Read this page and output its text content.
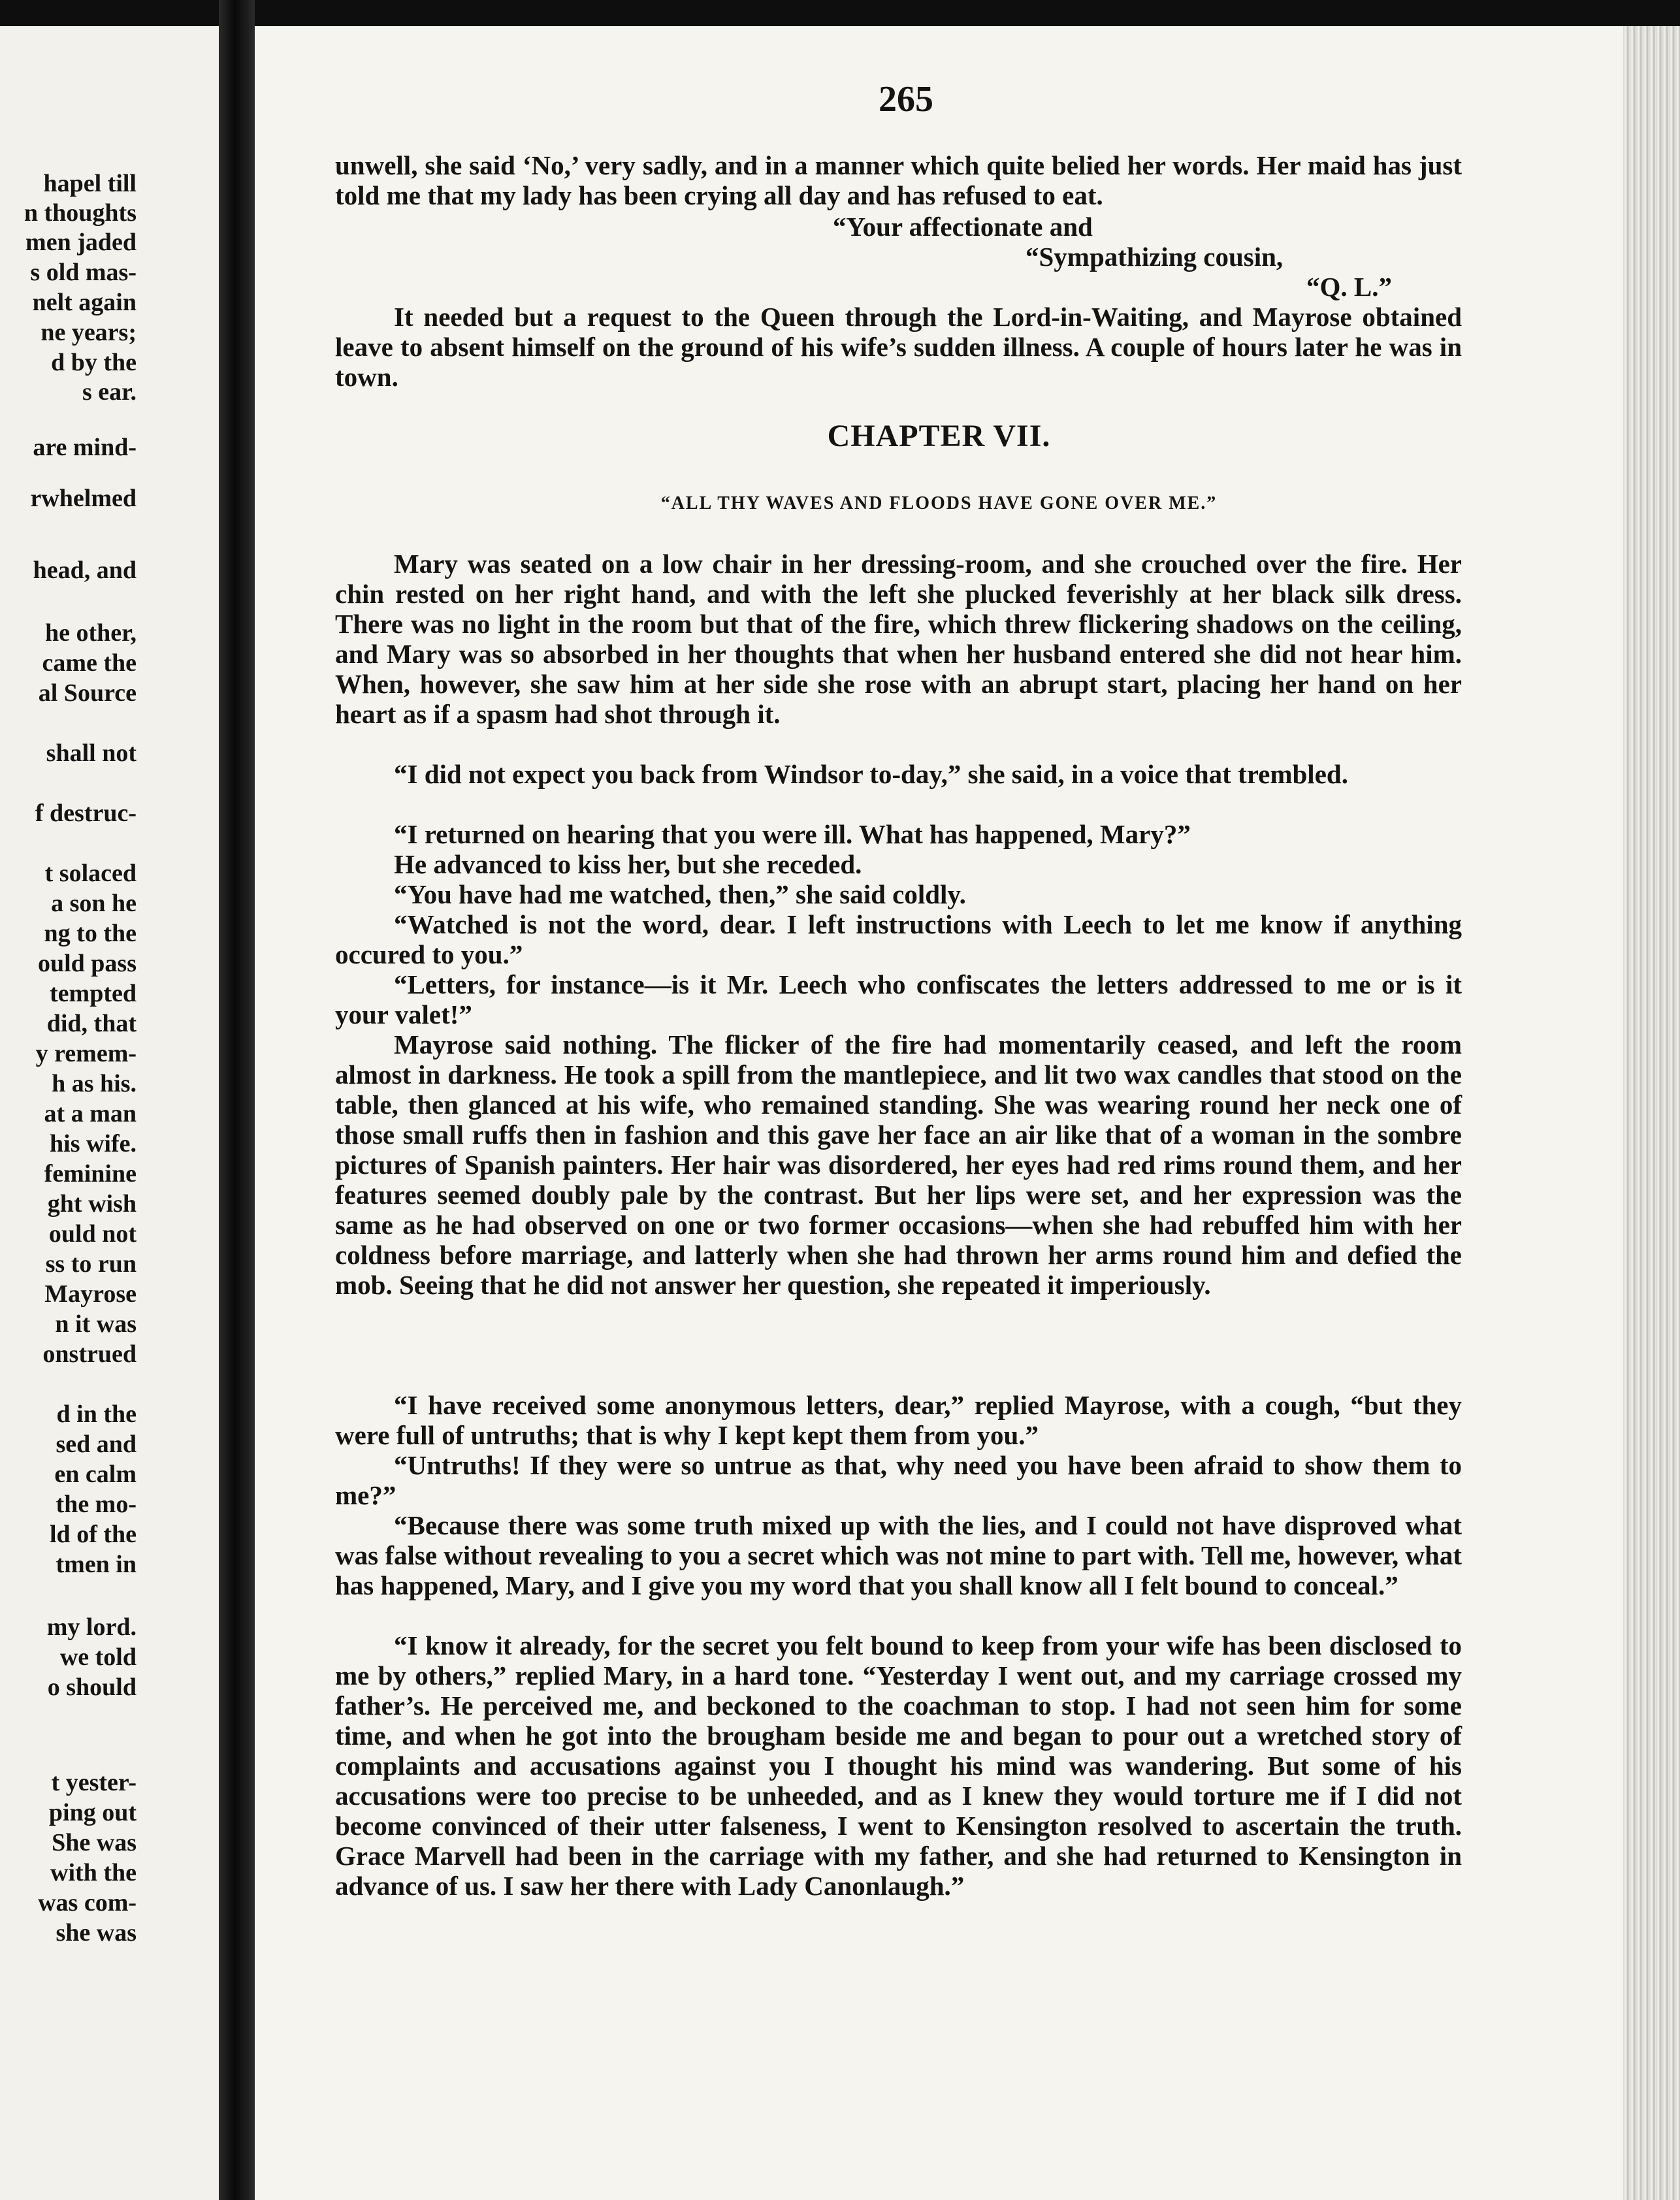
hapel till
n thoughts
men jaded
s old mas-
nelt again
ne years;
d by the
s ear.
are mind-
rwhelmed
head, and
he other,
came the
al Source
shall not
f destruc-
t solaced
a son he
ng to the
ould pass
tempted
did, that
y remem-
h as his.
at a man
his wife.
feminine
ght wish
ould not
ss to run
Mayrose
n it was
onstrued
d in the
sed and
en calm
the mo-
ld of the
tmen in
my lord.
we told
o should
t yester-
ping out
She was
with the
was com-
she was
265
unwell, she said ‘No,’ very sadly, and in a manner which quite belied her words. Her maid has just told me that my lady has been crying all day and has refused to eat.
“Your affectionate and
“Sympathizing cousin,
“Q. L.”
It needed but a request to the Queen through the Lord-in-Waiting, and Mayrose obtained leave to absent himself on the ground of his wife’s sudden illness. A couple of hours later he was in town.
CHAPTER VII.
“ALL THY WAVES AND FLOODS HAVE GONE OVER ME.”
Mary was seated on a low chair in her dressing-room, and she crouched over the fire. Her chin rested on her right hand, and with the left she plucked feverishly at her black silk dress. There was no light in the room but that of the fire, which threw flickering shadows on the ceiling, and Mary was so absorbed in her thoughts that when her husband entered she did not hear him. When, however, she saw him at her side she rose with an abrupt start, placing her hand on her heart as if a spasm had shot through it.
“I did not expect you back from Windsor to-day,” she said, in a voice that trembled.
“I returned on hearing that you were ill. What has happened, Mary?”
He advanced to kiss her, but she receded.
“You have had me watched, then,” she said coldly.
“Watched is not the word, dear. I left instructions with Leech to let me know if anything occured to you.”
“Letters, for instance—is it Mr. Leech who confiscates the letters addressed to me or is it your valet!”
Mayrose said nothing. The flicker of the fire had momentarily ceased, and left the room almost in darkness. He took a spill from the mantlepiece, and lit two wax candles that stood on the table, then glanced at his wife, who remained standing. She was wearing round her neck one of those small ruffs then in fashion and this gave her face an air like that of a woman in the sombre pictures of Spanish painters. Her hair was disordered, her eyes had red rims round them, and her features seemed doubly pale by the contrast. But her lips were set, and her expression was the same as he had observed on one or two former occasions—when she had rebuffed him with her coldness before marriage, and latterly when she had thrown her arms round him and defied the mob. Seeing that he did not answer her question, she repeated it imperiously.
“I have received some anonymous letters, dear,” replied Mayrose, with a cough, “but they were full of untruths; that is why I kept kept them from you.”
“Untruths! If they were so untrue as that, why need you have been afraid to show them to me?”
“Because there was some truth mixed up with the lies, and I could not have disproved what was false without revealing to you a secret which was not mine to part with. Tell me, however, what has happened, Mary, and I give you my word that you shall know all I felt bound to conceal.”
“I know it already, for the secret you felt bound to keep from your wife has been disclosed to me by others,” replied Mary, in a hard tone. “Yesterday I went out, and my carriage crossed my father’s. He perceived me, and beckoned to the coachman to stop. I had not seen him for some time, and when he got into the brougham beside me and began to pour out a wretched story of complaints and accusations against you I thought his mind was wandering. But some of his accusations were too precise to be unheeded, and as I knew they would torture me if I did not become convinced of their utter falseness, I went to Kensington resolved to ascertain the truth. Grace Marvell had been in the carriage with my father, and she had returned to Kensington in advance of us. I saw her there with Lady Canonlaugh.”
